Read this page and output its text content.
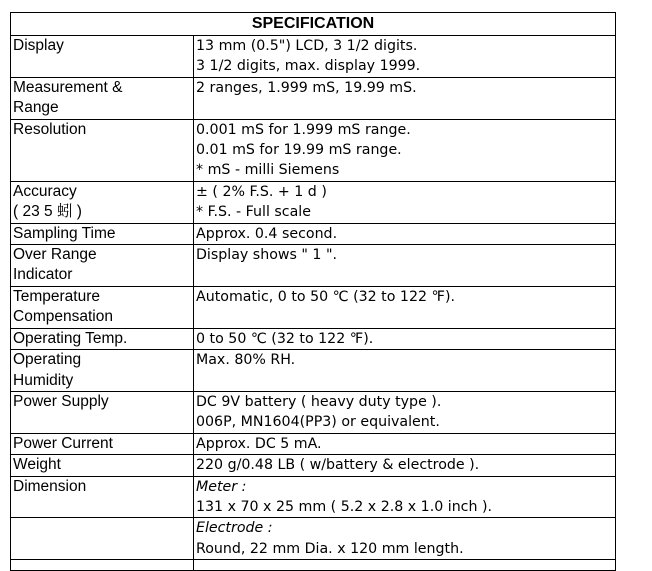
SPECIFICATION	

Display	13 mm (0.5") LCD, 3 1/2 digits.
3 1/2 digits, max. display 1999.

Measurement &
Range	2 ranges, 1.999 mS, 19.99 mS.

Resolution	0.001 mS for 1.999 mS range.
0.01 mS for 19.99 mS range.
* mS - milli Siemens

Accuracy
( 23 5 蚓 )	± ( 2% F.S. + 1 d )
* F.S. - Full scale

Sampling Time	Approx. 0.4 second.

Over Range
Indicator	Display shows " 1 ".

Temperature
Compensation	Automatic, 0 to 50 ℃ (32 to 122 ℉).

Operating Temp.	0 to 50 ℃ (32 to 122 ℉).

Operating
Humidity	Max. 80% RH.

Power Supply	DC 9V battery ( heavy duty type ).
006P, MN1604(PP3) or equivalent.

Power Current	Approx. DC 5 mA.

Weight	220 g/0.48 LB ( w/battery & electrode ).

Dimension	Meter :
131 x 70 x 25 mm ( 5.2 x 2.8 x 1.0 inch ).

	Electrode :
Round, 22 mm Dia. x 120 mm length.
